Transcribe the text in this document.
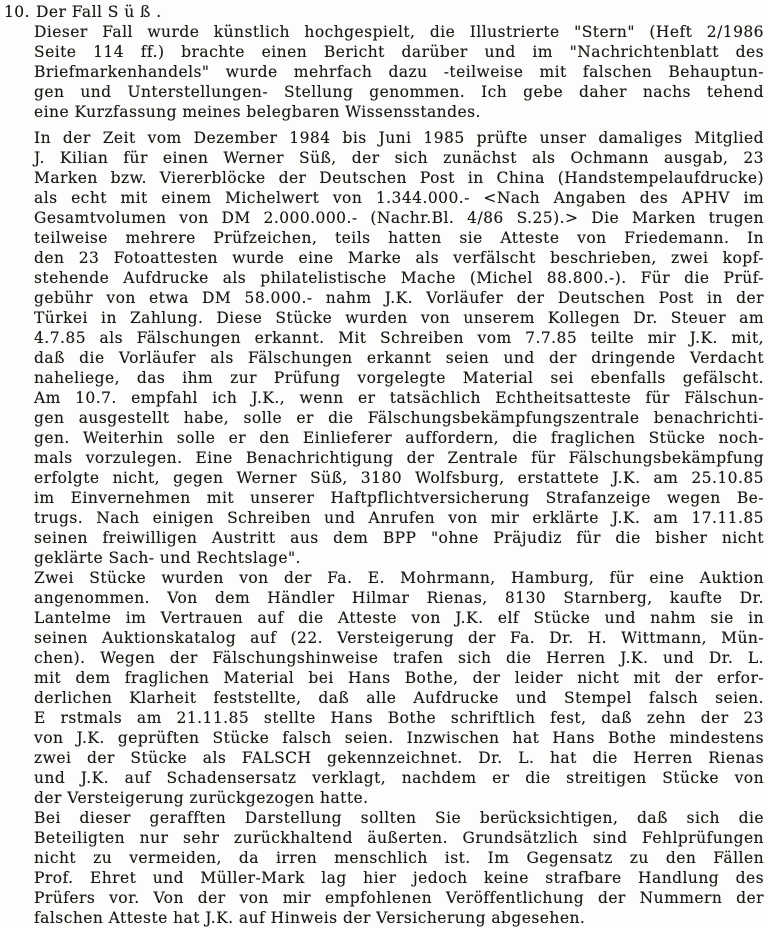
10. Der Fall S ü ß .
Dieser Fall wurde künstlich hochgespielt, die Illustrierte "Stern" (Heft 2/1986
Seite 114 ff.) brachte einen Bericht darüber und im "Nachrichtenblatt des
Briefmarkenhandels" wurde mehrfach dazu -teilweise mit falschen Behauptun-
gen und Unterstellungen- Stellung genommen. Ich gebe daher nachs tehend
eine Kurzfassung meines belegbaren Wissensstandes.
In der Zeit vom Dezember 1984 bis Juni 1985 prüfte unser damaliges Mitglied
J. Kilian für einen Werner Süß, der sich zunächst als Ochmann ausgab, 23
Marken bzw. Viererblöcke der Deutschen Post in China (Handstempelaufdrucke)
als echt mit einem Michelwert von 1.344.000.- <Nach Angaben des APHV im
Gesamtvolumen von DM 2.000.000.- (Nachr.Bl. 4/86 S.25).> Die Marken trugen
teilweise mehrere Prüfzeichen, teils hatten sie Atteste von Friedemann. In
den 23 Fotoattesten wurde eine Marke als verfälscht beschrieben, zwei kopf-
stehende Aufdrucke als philatelistische Mache (Michel 88.800.-). Für die Prüf-
gebühr von etwa DM 58.000.- nahm J.K. Vorläufer der Deutschen Post in der
Türkei in Zahlung. Diese Stücke wurden von unserem Kollegen Dr. Steuer am
4.7.85 als Fälschungen erkannt. Mit Schreiben vom 7.7.85 teilte mir J.K. mit,
daß die Vorläufer als Fälschungen erkannt seien und der dringende Verdacht
naheliege, das ihm zur Prüfung vorgelegte Material sei ebenfalls gefälscht.
Am 10.7. empfahl ich J.K., wenn er tatsächlich Echtheitsatteste für Fälschun-
gen ausgestellt habe, solle er die Fälschungsbekämpfungszentrale benachrichti-
gen. Weiterhin solle er den Einlieferer auffordern, die fraglichen Stücke noch-
mals vorzulegen. Eine Benachrichtigung der Zentrale für Fälschungsbekämpfung
erfolgte nicht, gegen Werner Süß, 3180 Wolfsburg, erstattete J.K. am 25.10.85
im Einvernehmen mit unserer Haftpflichtversicherung Strafanzeige wegen Be-
trugs. Nach einigen Schreiben und Anrufen von mir erklärte J.K. am 17.11.85
seinen freiwilligen Austritt aus dem BPP "ohne Präjudiz für die bisher nicht
geklärte Sach- und Rechtslage".
Zwei Stücke wurden von der Fa. E. Mohrmann, Hamburg, für eine Auktion
angenommen. Von dem Händler Hilmar Rienas, 8130 Starnberg, kaufte Dr.
Lantelme im Vertrauen auf die Atteste von J.K. elf Stücke und nahm sie in
seinen Auktionskatalog auf (22. Versteigerung der Fa. Dr. H. Wittmann, Mün-
chen). Wegen der Fälschungshinweise trafen sich die Herren J.K. und Dr. L.
mit dem fraglichen Material bei Hans Bothe, der leider nicht mit der erfor-
derlichen Klarheit feststellte, daß alle Aufdrucke und Stempel falsch seien.
E rstmals am 21.11.85 stellte Hans Bothe schriftlich fest, daß zehn der 23
von J.K. geprüften Stücke falsch seien. Inzwischen hat Hans Bothe mindestens
zwei der Stücke als FALSCH gekennzeichnet. Dr. L. hat die Herren Rienas
und J.K. auf Schadensersatz verklagt, nachdem er die streitigen Stücke von
der Versteigerung zurückgezogen hatte.
Bei dieser gerafften Darstellung sollten Sie berücksichtigen, daß sich die
Beteiligten nur sehr zurückhaltend äußerten. Grundsätzlich sind Fehlprüfungen
nicht zu vermeiden, da irren menschlich ist. Im Gegensatz zu den Fällen
Prof. Ehret und Müller-Mark lag hier jedoch keine strafbare Handlung des
Prüfers vor. Von der von mir empfohlenen Veröffentlichung der Nummern der
falschen Atteste hat J.K. auf Hinweis der Versicherung abgesehen.
